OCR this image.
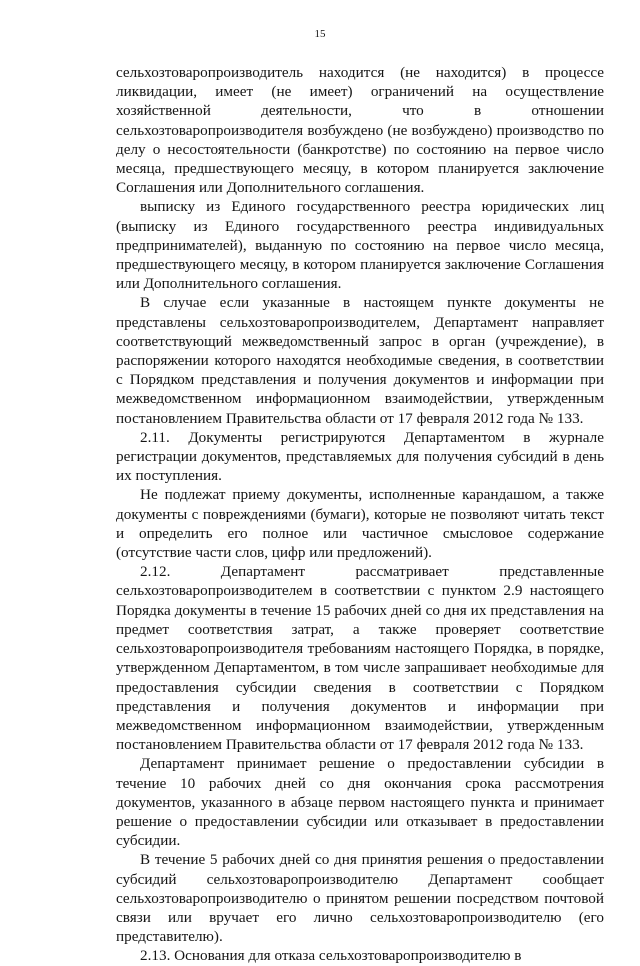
15

сельхозтоваропроизводитель находится (не находится) в процессе ликвидации, имеет (не имеет) ограничений на осуществление хозяйственной деятельности, что в отношении сельхозтоваропроизводителя возбуждено (не возбуждено) производство по делу о несостоятельности (банкротстве) по состоянию на первое число месяца, предшествующего месяцу, в котором планируется заключение Соглашения или Дополнительного соглашения.

выписку из Единого государственного реестра юридических лиц (выписку из Единого государственного реестра индивидуальных предпринимателей), выданную по состоянию на первое число месяца, предшествующего месяцу, в котором планируется заключение Соглашения или Дополнительного соглашения.

В случае если указанные в настоящем пункте документы не представлены сельхозтоваропроизводителем, Департамент направляет соответствующий межведомственный запрос в орган (учреждение), в распоряжении которого находятся необходимые сведения, в соответствии с Порядком представления и получения документов и информации при межведомственном информационном взаимодействии, утвержденным постановлением Правительства области от 17 февраля 2012 года № 133.

2.11. Документы регистрируются Департаментом в журнале регистрации документов, представляемых для получения субсидий в день их поступления.

Не подлежат приему документы, исполненные карандашом, а также документы с повреждениями (бумаги), которые не позволяют читать текст и определить его полное или частичное смысловое содержание (отсутствие части слов, цифр или предложений).

2.12. Департамент рассматривает представленные сельхозтоваропроизводителем в соответствии с пунктом 2.9 настоящего Порядка документы в течение 15 рабочих дней со дня их представления на предмет соответствия затрат, а также проверяет соответствие сельхозтоваропроизводителя требованиям настоящего Порядка, в порядке, утвержденном Департаментом, в том числе запрашивает необходимые для предоставления субсидии сведения в соответствии с Порядком представления и получения документов и информации при межведомственном информационном взаимодействии, утвержденным постановлением Правительства области от 17 февраля 2012 года № 133.

Департамент принимает решение о предоставлении субсидии в течение 10 рабочих дней со дня окончания срока рассмотрения документов, указанного в абзаце первом настоящего пункта и принимает решение о предоставлении субсидии или отказывает в предоставлении субсидии.

В течение 5 рабочих дней со дня принятия решения о предоставлении субсидий сельхозтоваропроизводителю Департамент сообщает сельхозтоваропроизводителю о принятом решении посредством почтовой связи или вручает его лично сельхозтоваропроизводителю (его представителю).

2.13. Основания для отказа сельхозтоваропроизводителю в
